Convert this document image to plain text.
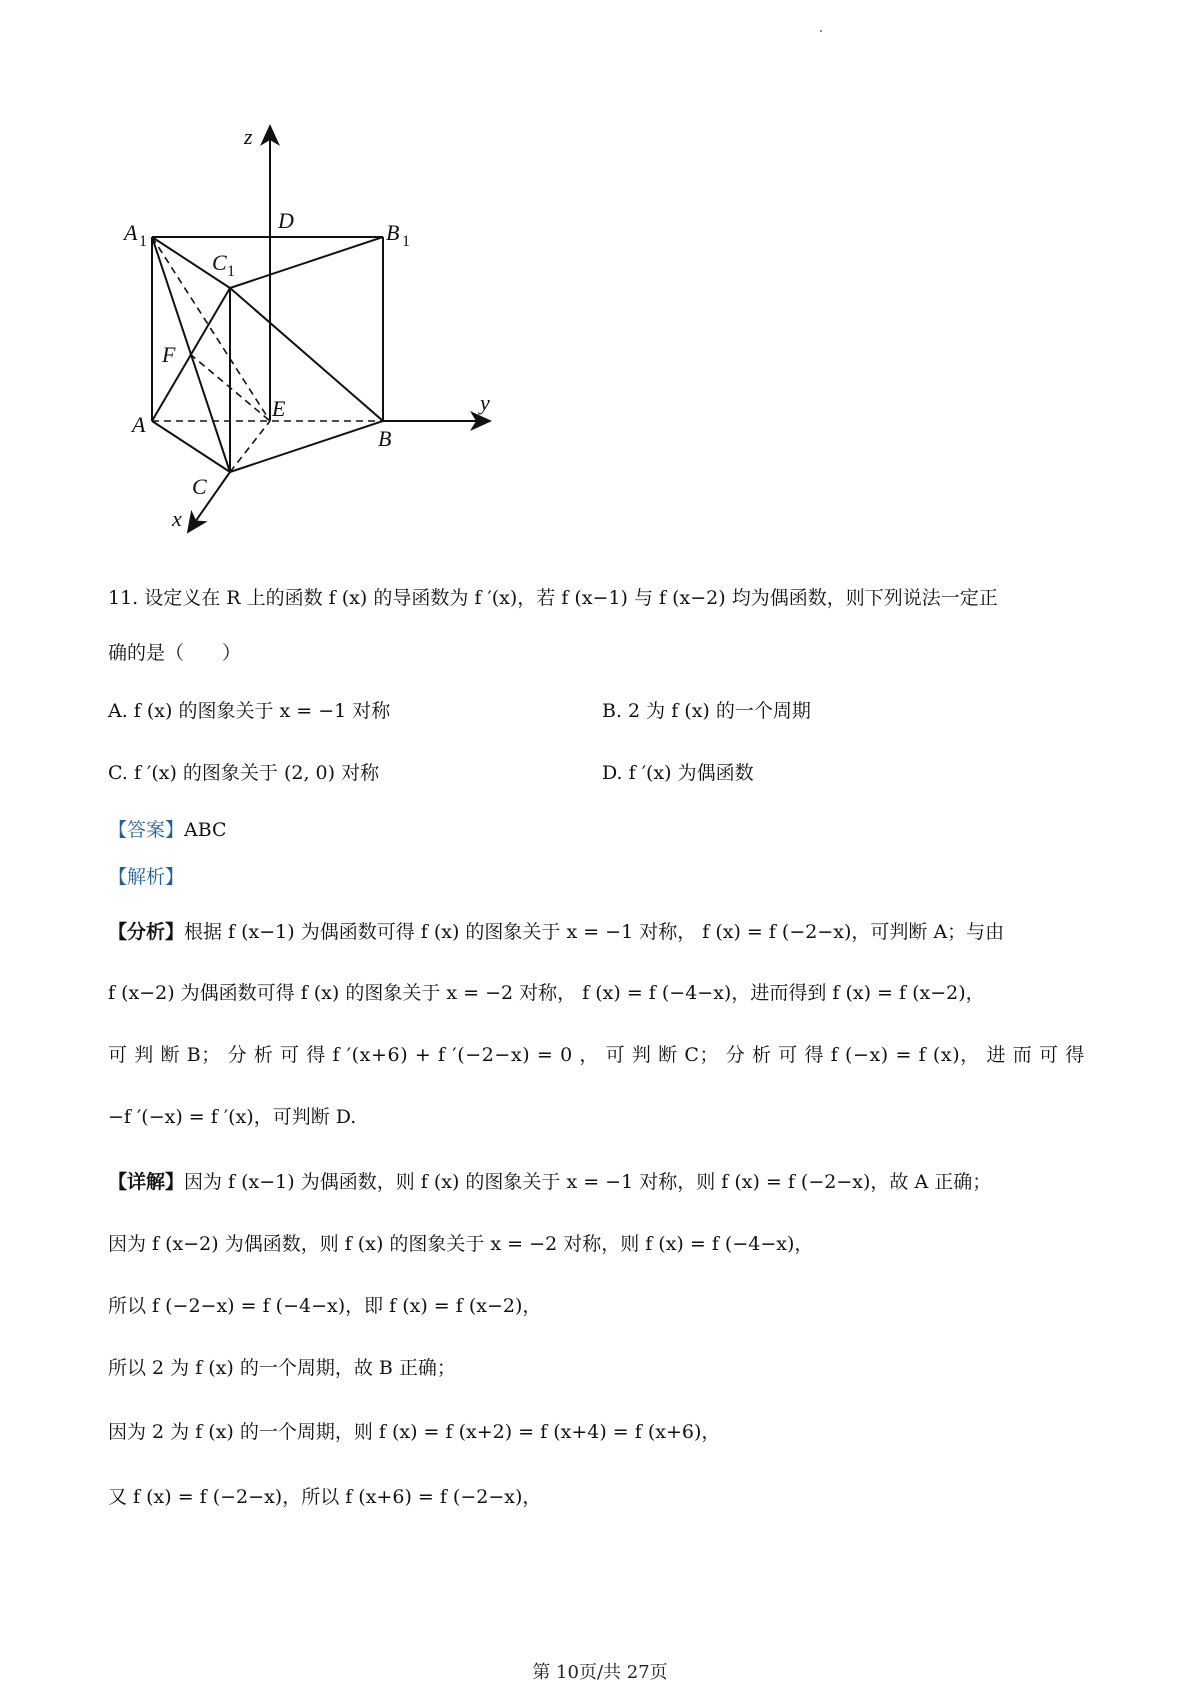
z
y
x
A 1
D	B 1
C 1
F
E
A
B
C
11. 设定义在 R 上的函数 f (x) 的导函数为 f ′(x)，若 f (x−1) 与 f (x−2) 均为偶函数，则下列说法一定正
确的是（　　）
A. f (x) 的图象关于 x = −1 对称	B. 2 为 f (x) 的一个周期
C. f ′(x) 的图象关于 (2, 0) 对称	D. f ′(x) 为偶函数
【答案】ABC
【解析】
【分析】根据 f (x−1) 为偶函数可得 f (x) 的图象关于 x = −1 对称， f (x) = f (−2−x)，可判断 A；与由
f (x−2) 为偶函数可得 f (x) 的图象关于 x = −2 对称， f (x) = f (−4−x)，进而得到 f (x) = f (x−2)，
可 判 断 B； 分 析 可 得 f ′(x+6) + f ′(−2−x) = 0 ， 可 判 断 C； 分 析 可 得 f (−x) = f (x)， 进 而 可 得
−f ′(−x) = f ′(x)，可判断 D.
【详解】因为 f (x−1) 为偶函数，则 f (x) 的图象关于 x = −1 对称，则 f (x) = f (−2−x)，故 A 正确；
因为 f (x−2) 为偶函数，则 f (x) 的图象关于 x = −2 对称，则 f (x) = f (−4−x)，
所以 f (−2−x) = f (−4−x)，即 f (x) = f (x−2)，
所以 2 为 f (x) 的一个周期，故 B 正确；
因为 2 为 f (x) 的一个周期，则 f (x) = f (x+2) = f (x+4) = f (x+6)，
又 f (x) = f (−2−x)，所以 f (x+6) = f (−2−x)，
第 10页/共 27页
